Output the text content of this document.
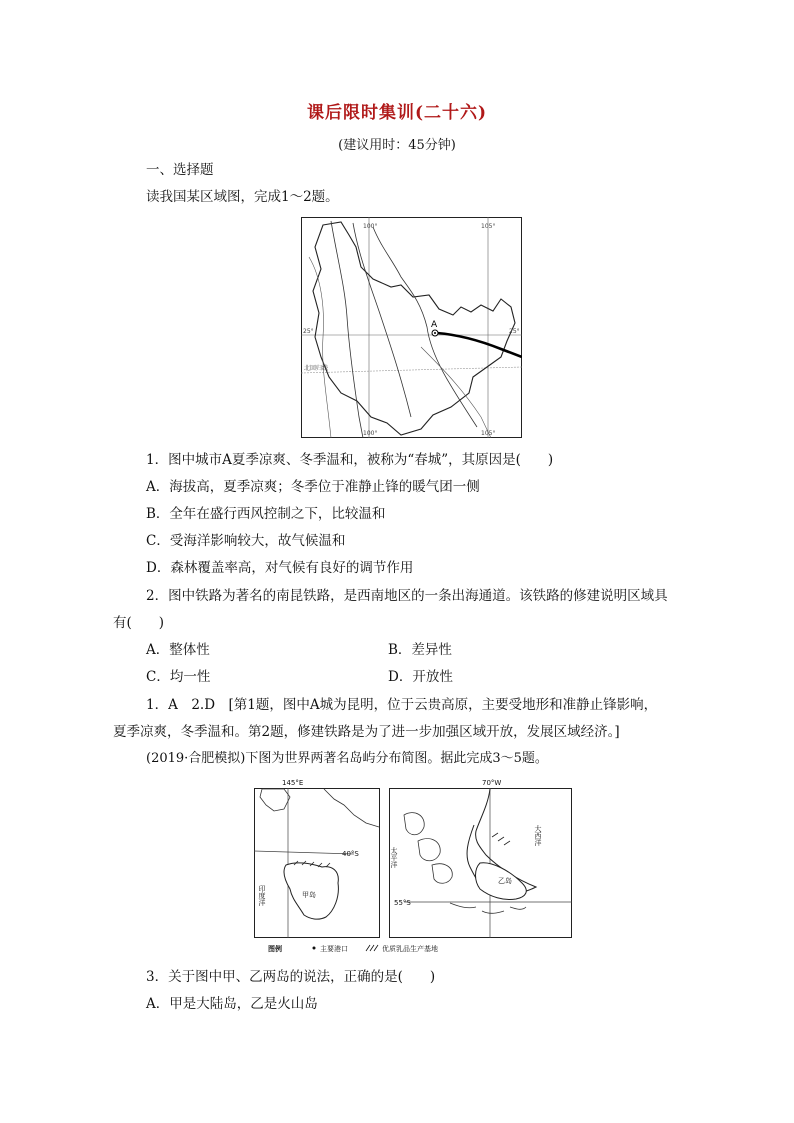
课后限时集训(二十六)
(建议用时：45分钟)
一、选择题
读我国某区域图，完成1～2题。
A
100°	105°
25°	25°
北回归线
100°	105°
1．图中城市A夏季凉爽、冬季温和，被称为“春城”，其原因是(　　)
A．海拔高，夏季凉爽；冬季位于准静止锋的暖气团一侧
B．全年在盛行西风控制之下，比较温和
C．受海洋影响较大，故气候温和
D．森林覆盖率高，对气候有良好的调节作用
2．图中铁路为著名的南昆铁路，是西南地区的一条出海通道。该铁路的修建说明区域具
有(　　)
A．整体性	B．差异性
C．均一性	D．开放性
1．A　2.D　[第1题，图中A城为昆明，位于云贵高原，主要受地形和准静止锋影响，
夏季凉爽，冬季温和。第2题，修建铁路是为了进一步加强区域开放，发展区域经济。]
(2019·合肥模拟)下图为世界两著名岛屿分布简图。据此完成3～5题。
40°S
145°E
印度洋	甲岛
70°W
55°S
太平洋
大西洋
乙岛
图例	主要港口	优质乳品生产基地
3．关于图中甲、乙两岛的说法，正确的是(　　)
A．甲是大陆岛，乙是火山岛
